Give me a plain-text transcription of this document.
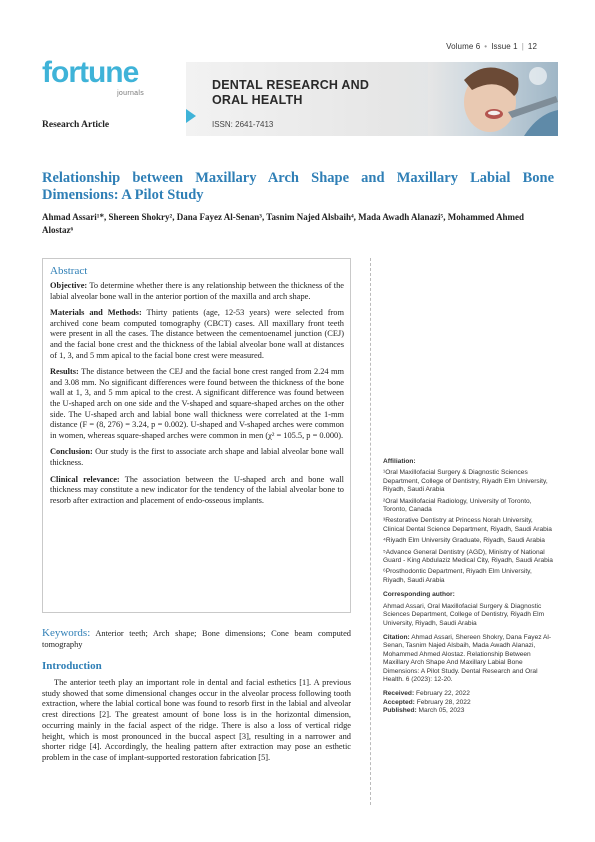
Volume 6 • Issue 1 | 12
fortune
journals
DENTAL RESEARCH AND
ORAL HEALTH
ISSN: 2641-7413
Research Article
Relationship between Maxillary Arch Shape and Maxillary Labial Bone Dimensions: A Pilot Study
Ahmad Assari¹*, Shereen Shokry², Dana Fayez Al-Senan³, Tasnim Najed Alsbaih⁴, Mada Awadh Alanazi⁵, Mohammed Ahmed Alostaz⁶
Abstract

Objective: To determine whether there is any relationship between the thickness of the labial alveolar bone wall in the anterior portion of the maxilla and arch shape.

Materials and Methods: Thirty patients (age, 12-53 years) were selected from archived cone beam computed tomography (CBCT) cases. All maxillary front teeth were present in all the cases. The distance between the cementoenamel junction (CEJ) and the facial bone crest and the thickness of the labial alveolar bone wall at distances of 1, 3, and 5 mm apical to the facial bone crest were measured.

Results: The distance between the CEJ and the facial bone crest ranged from 2.24 mm and 3.08 mm. No significant differences were found between the thickness of the bone wall at 1, 3, and 5 mm apical to the crest. A significant difference was found between the U-shaped arch on one side and the V-shaped and square-shaped arches on the other side. The U-shaped arch and labial bone wall thickness were correlated at the 1-mm distance (F = (8, 276) = 3.24, p = 0.002). U-shaped and V-shaped arches were common in women, whereas square-shaped arches were common in men (χ² = 105.5, p = 0.000).

Conclusion: Our study is the first to associate arch shape and labial alveolar bone wall thickness.

Clinical relevance: The association between the U-shaped arch and bone wall thickness may constitute a new indicator for the tendency of the labial alveolar bone to resorb after extraction and placement of endo-osseous implants.

Keywords: Anterior teeth; Arch shape; Bone dimensions; Cone beam computed tomography
Introduction
The anterior teeth play an important role in dental and facial esthetics [1]. A previous study showed that some dimensional changes occur in the alveolar process following tooth extraction, where the labial cortical bone was found to resorb first in the labial and alveolar crest directions [2]. The greatest amount of bone loss is in the horizontal dimension, occurring mainly in the facial aspect of the ridge. There is also a loss of vertical ridge height, which is most pronounced in the buccal aspect [3], resulting in a narrower and shorter ridge [4]. Accordingly, the healing pattern after extraction may pose an esthetic problem in the case of implant-supported restoration fabrication [5].
Affiliation:
¹Oral Maxillofacial Surgery & Diagnostic Sciences Department, College of Dentistry, Riyadh Elm University, Riyadh, Saudi Arabia
²Oral Maxillofacial Radiology, University of Toronto, Toronto, Canada
³Restorative Dentistry at Princess Norah University, Clinical Dental Science Department, Riyadh, Saudi Arabia
⁴Riyadh Elm University Graduate, Riyadh, Saudi Arabia
⁵Advance General Dentistry (AGD), Ministry of National Guard - King Abdulaziz Medical City, Riyadh, Saudi Arabia
⁶Prosthodontic Department, Riyadh Elm University, Riyadh, Saudi Arabia
Corresponding author:
Ahmad Assari, Oral Maxillofacial Surgery & Diagnostic Sciences Department, College of Dentistry, Riyadh Elm University, Riyadh, Saudi Arabia
Citation: Ahmad Assari, Shereen Shokry, Dana Fayez Al-Senan, Tasnim Najed Alsbaih, Mada Awadh Alanazi, Mohammed Ahmed Alostaz. Relationship Between Maxillary Arch Shape And Maxillary Labial Bone Dimensions: A Pilot Study. Dental Research and Oral Health. 6 (2023): 12-20.
Received: February 22, 2022
Accepted: February 28, 2022
Published: March 05, 2023
